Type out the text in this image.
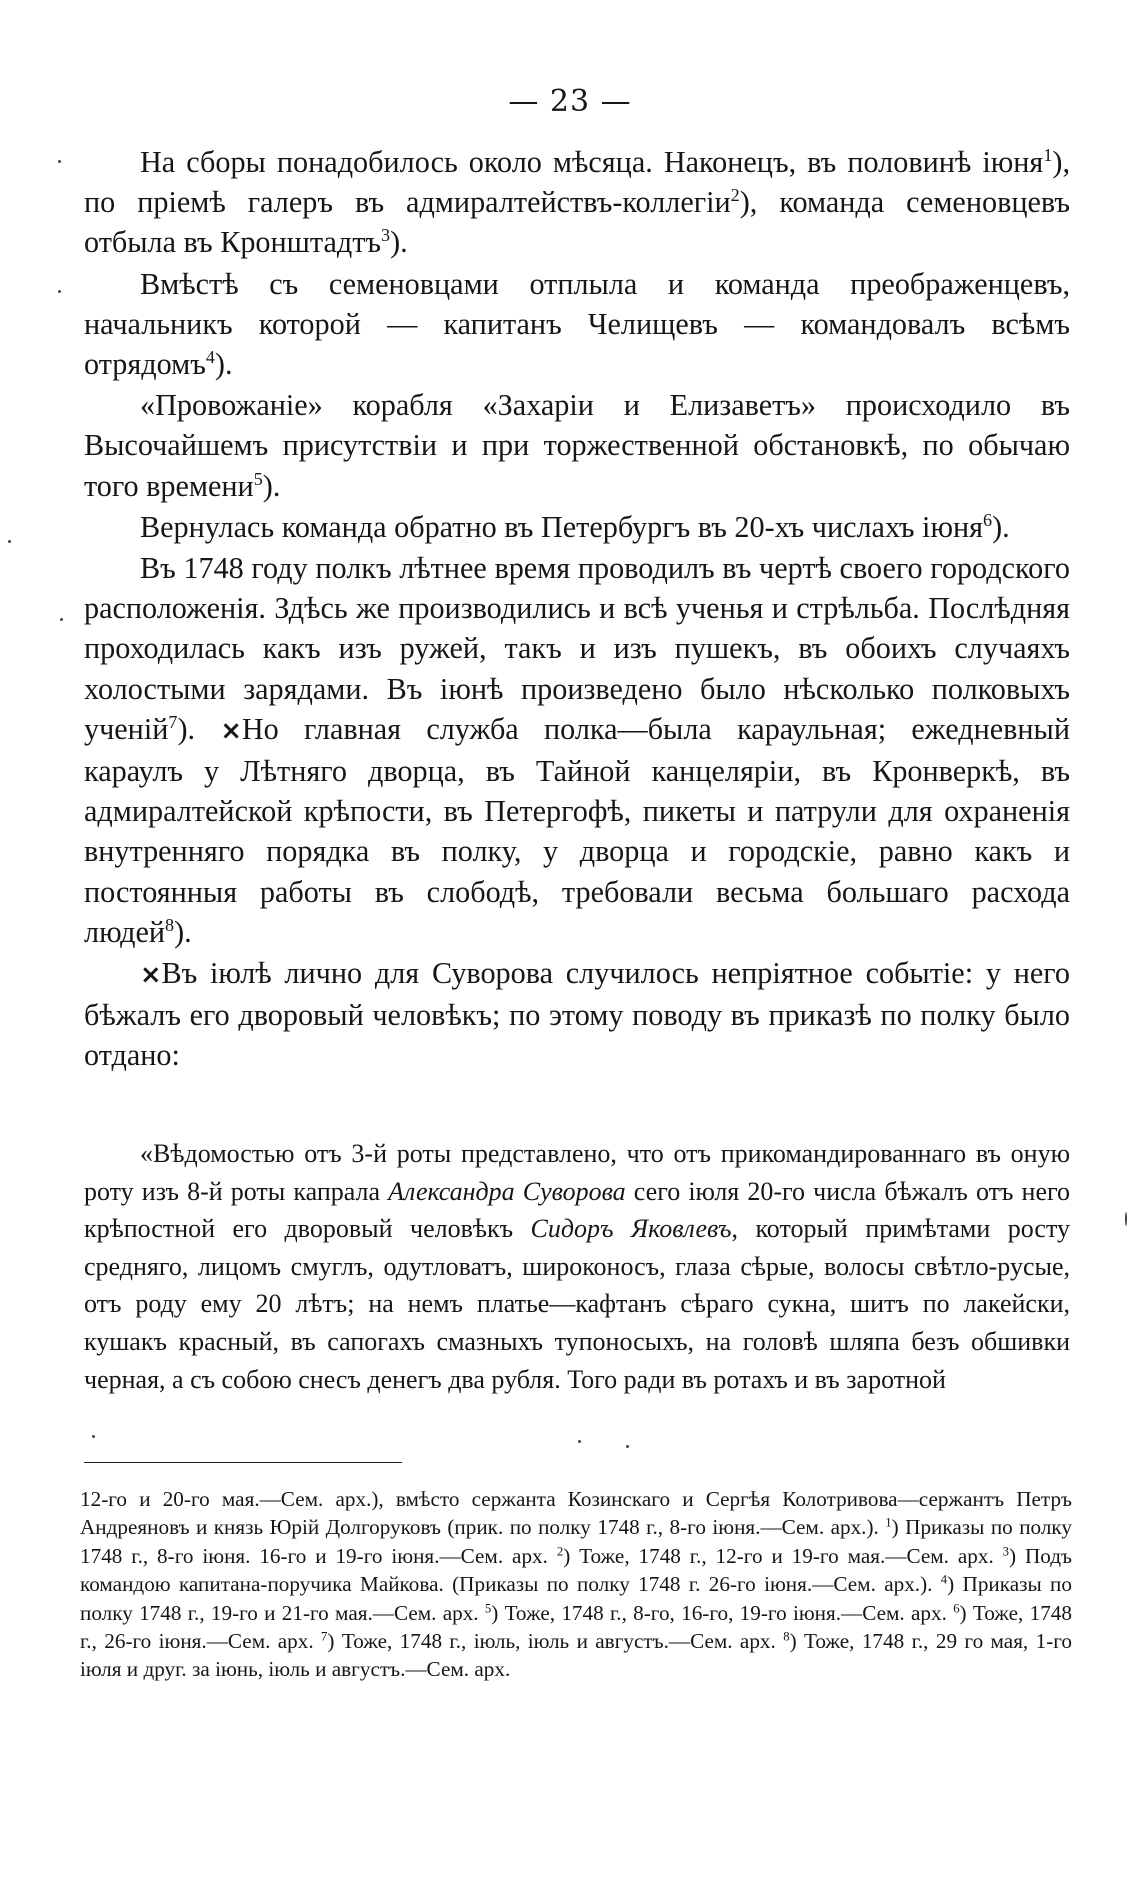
— 23 —

На сборы понадобилось около мѣсяца. Наконецъ, въ половинѣ іюня$^1$), по пріемѣ галеръ въ адмиралтействъ-коллегіи$^2$), команда семеновцевъ отбыла въ Кронштадтъ$^3$).

Вмѣстѣ съ семеновцами отплыла и команда преображенцевъ, начальникъ которой — капитанъ Челищевъ — командовалъ всѣмъ отрядомъ$^4$).

«Провожаніе» корабля «Захаріи и Елизаветъ» происходило въ Высочайшемъ присутствіи и при торжественной обстановкѣ, по обычаю того времени$^5$).

Вернулась команда обратно въ Петербургъ въ 20-хъ числахъ іюня$^6$).

Въ 1748 году полкъ лѣтнее время проводилъ въ чертѣ своего городского расположенія. Здѣсь же производились и всѣ ученья и стрѣльба. Послѣдняя проходилась какъ изъ ружей, такъ и изъ пушекъ, въ обоихъ случаяхъ холостыми зарядами. Въ іюнѣ произведено было нѣсколько полковыхъ ученій$^7$). ×Но главная служба полка—была караульная; ежедневный караулъ у Лѣтняго дворца, въ Тайной канцеляріи, въ Кронверкѣ, въ адмиралтейской крѣпости, въ Петергофѣ, пикеты и патрули для охраненія внутренняго порядка въ полку, у дворца и городскіе, равно какъ и постоянныя работы въ слободѣ, требовали весьма большаго расхода людей$^8$).

×Въ іюлѣ лично для Суворова случилось непріятное событіе: у него бѣжалъ его дворовый человѣкъ; по этому поводу въ приказѣ по полку было отдано:

«Вѣдомостью отъ 3-й роты представлено, что отъ прикомандированнаго въ оную роту изъ 8-й роты капрала Александра Суворова сего іюля 20-го числа бѣжалъ отъ него крѣпостной его дворовый человѣкъ Сидоръ Яковлевъ, который примѣтами росту средняго, лицомъ смуглъ, одутловатъ, широконосъ, глаза сѣрые, волосы свѣтло-русые, отъ роду ему 20 лѣтъ; на немъ платье—кафтанъ сѣраго сукна, шитъ по лакейски, кушакъ красный, въ сапогахъ смазныхъ тупоносыхъ, на головѣ шляпа безъ обшивки черная, а съ собою снесъ денегъ два рубля. Того ради въ ротахъ и въ заротной

12-го и 20-го мая.—Сем. арх.), вмѣсто сержанта Козинскаго и Сергѣя Колотривова—сержантъ Петръ Андреяновъ и князь Юрій Долгоруковъ (прик. по полку 1748 г., 8-го іюня.—Сем. арх.). $^1$) Приказы по полку 1748 г., 8-го іюня. 16-го и 19-го іюня.—Сем. арх. $^2$) Тоже, 1748 г., 12-го и 19-го мая.—Сем. арх. $^3$) Подъ командою капитана-поручика Майкова. (Приказы по полку 1748 г. 26-го іюня.—Сем. арх.). $^4$) Приказы по полку 1748 г., 19-го и 21-го мая.—Сем. арх. $^5$) Тоже, 1748 г., 8-го, 16-го, 19-го іюня.—Сем. арх. $^6$) Тоже, 1748 г., 26-го іюня.—Сем. арх. $^7$) Тоже, 1748 г., іюль, іюль и августъ.—Сем. арх. $^8$) Тоже, 1748 г., 29 го мая, 1-го іюля и друг. за іюнь, іюль и августъ.—Сем. арх.
